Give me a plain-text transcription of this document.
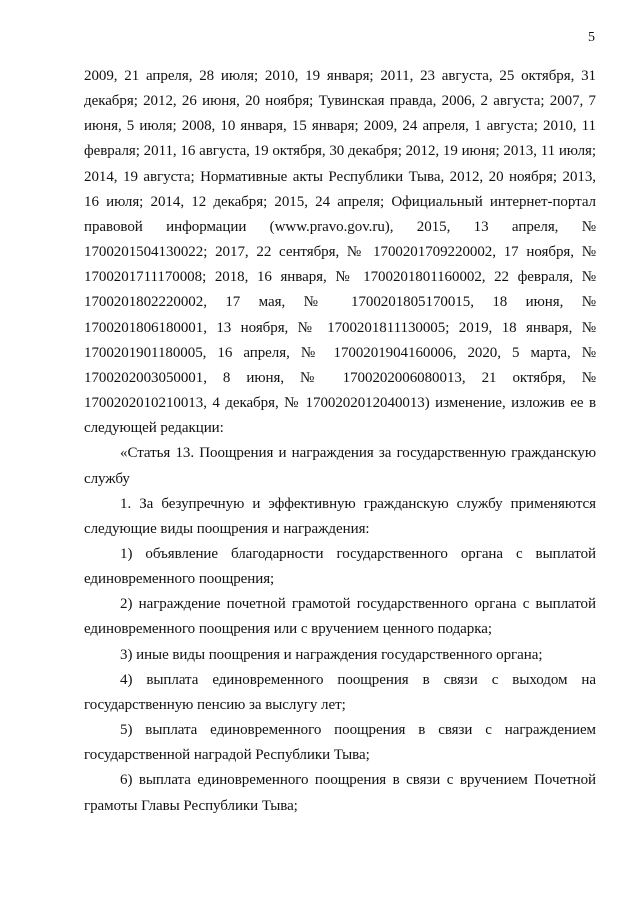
5

2009, 21 апреля, 28 июля; 2010, 19 января; 2011, 23 августа, 25 октября, 31 декабря; 2012, 26 июня, 20 ноября; Тувинская правда, 2006, 2 августа; 2007, 7 июня, 5 июля; 2008, 10 января, 15 января; 2009, 24 апреля, 1 августа; 2010, 11 февраля; 2011, 16 августа, 19 октября, 30 декабря; 2012, 19 июня; 2013, 11 июля; 2014, 19 августа; Нормативные акты Республики Тыва, 2012, 20 ноября; 2013, 16 июля; 2014, 12 декабря; 2015, 24 апреля; Официальный интернет-портал правовой информации (www.pravo.gov.ru), 2015, 13 апреля, № 1700201504130022; 2017, 22 сентября, № 1700201709220002, 17 ноября, № 1700201711170008; 2018, 16 января, № 1700201801160002, 22 февраля, № 1700201802220002, 17 мая, № 1700201805170015, 18 июня, № 1700201806180001, 13 ноября, № 1700201811130005; 2019, 18 января, № 1700201901180005, 16 апреля, № 1700201904160006, 2020, 5 марта, № 1700202003050001, 8 июня, № 1700202006080013, 21 октября, № 1700202010210013, 4 декабря, № 1700202012040013) изменение, изложив ее в следующей редакции:

«Статья 13. Поощрения и награждения за государственную гражданскую службу

1. За безупречную и эффективную гражданскую службу применяются следующие виды поощрения и награждения:

1) объявление благодарности государственного органа с выплатой единовременного поощрения;

2) награждение почетной грамотой государственного органа с выплатой единовременного поощрения или с вручением ценного подарка;

3) иные виды поощрения и награждения государственного органа;

4) выплата единовременного поощрения в связи с выходом на государственную пенсию за выслугу лет;

5) выплата единовременного поощрения в связи с награждением государственной наградой Республики Тыва;

6) выплата единовременного поощрения в связи с вручением Почетной грамоты Главы Республики Тыва;
